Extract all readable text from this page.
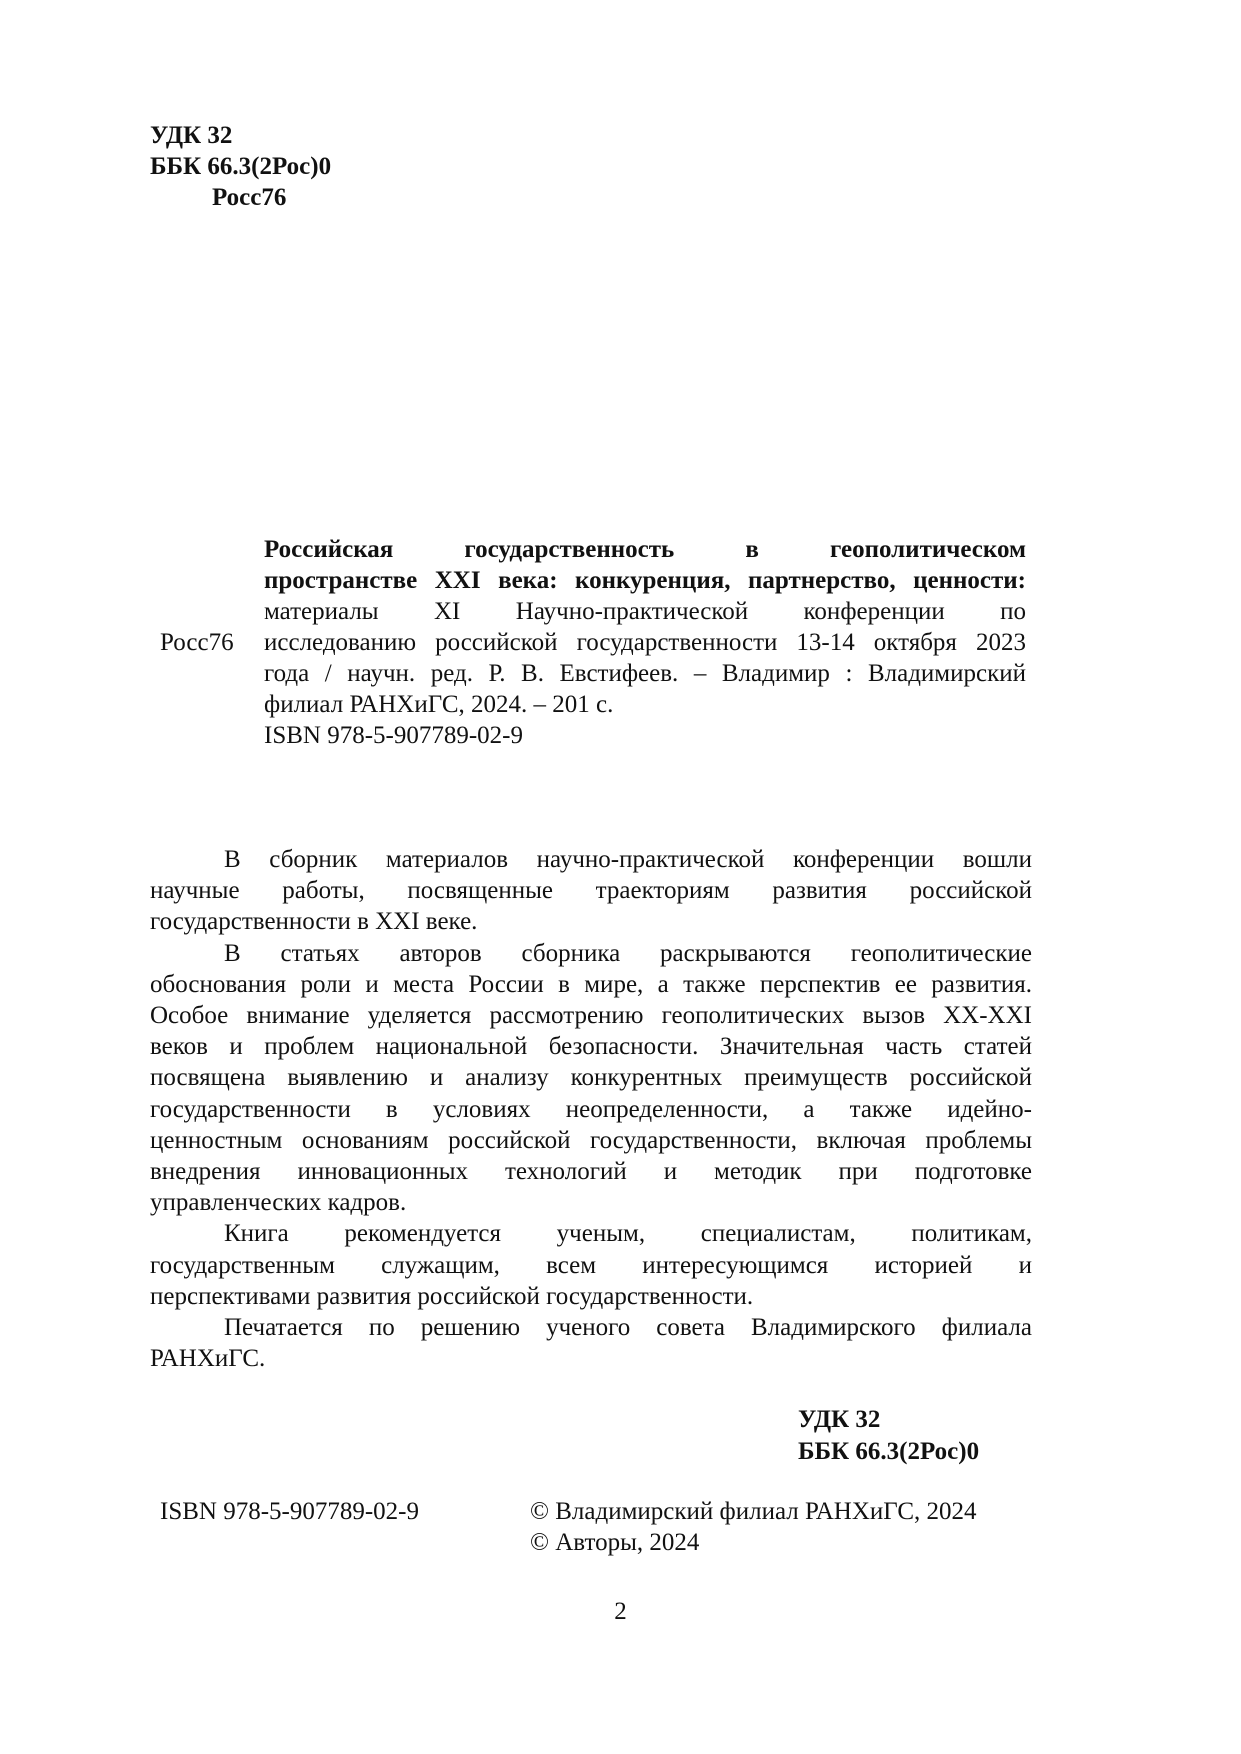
УДК 32
ББК 66.3(2Рос)0
Росс76
Росс76
Российская государственность в геополитическом
пространстве XXI века: конкуренция, партнерство, ценности:
материалы XI Научно-практической конференции по
исследованию российской государственности 13-14 октября 2023
года / научн. ред. Р. В. Евстифеев. – Владимир : Владимирский
филиал РАНХиГС, 2024. – 201 с.
ISBN 978-5-907789-02-9
В сборник материалов научно-практической конференции вошли
научные работы, посвященные траекториям развития российской
государственности в XXI веке.
В статьях авторов сборника раскрываются геополитические
обоснования роли и места России в мире, а также перспектив ее развития.
Особое внимание уделяется рассмотрению геополитических вызов XX-XXI
веков и проблем национальной безопасности. Значительная часть статей
посвящена выявлению и анализу конкурентных преимуществ российской
государственности в условиях неопределенности, а также идейно-
ценностным основаниям российской государственности, включая проблемы
внедрения инновационных технологий и методик при подготовке
управленческих кадров.
Книга рекомендуется ученым, специалистам, политикам,
государственным служащим, всем интересующимся историей и
перспективами развития российской государственности.
Печатается по решению ученого совета Владимирского филиала
РАНХиГС.
УДК 32
ББК 66.3(2Рос)0
ISBN 978-5-907789-02-9	© Владимирский филиал РАНХиГС, 2024
© Авторы, 2024
2
